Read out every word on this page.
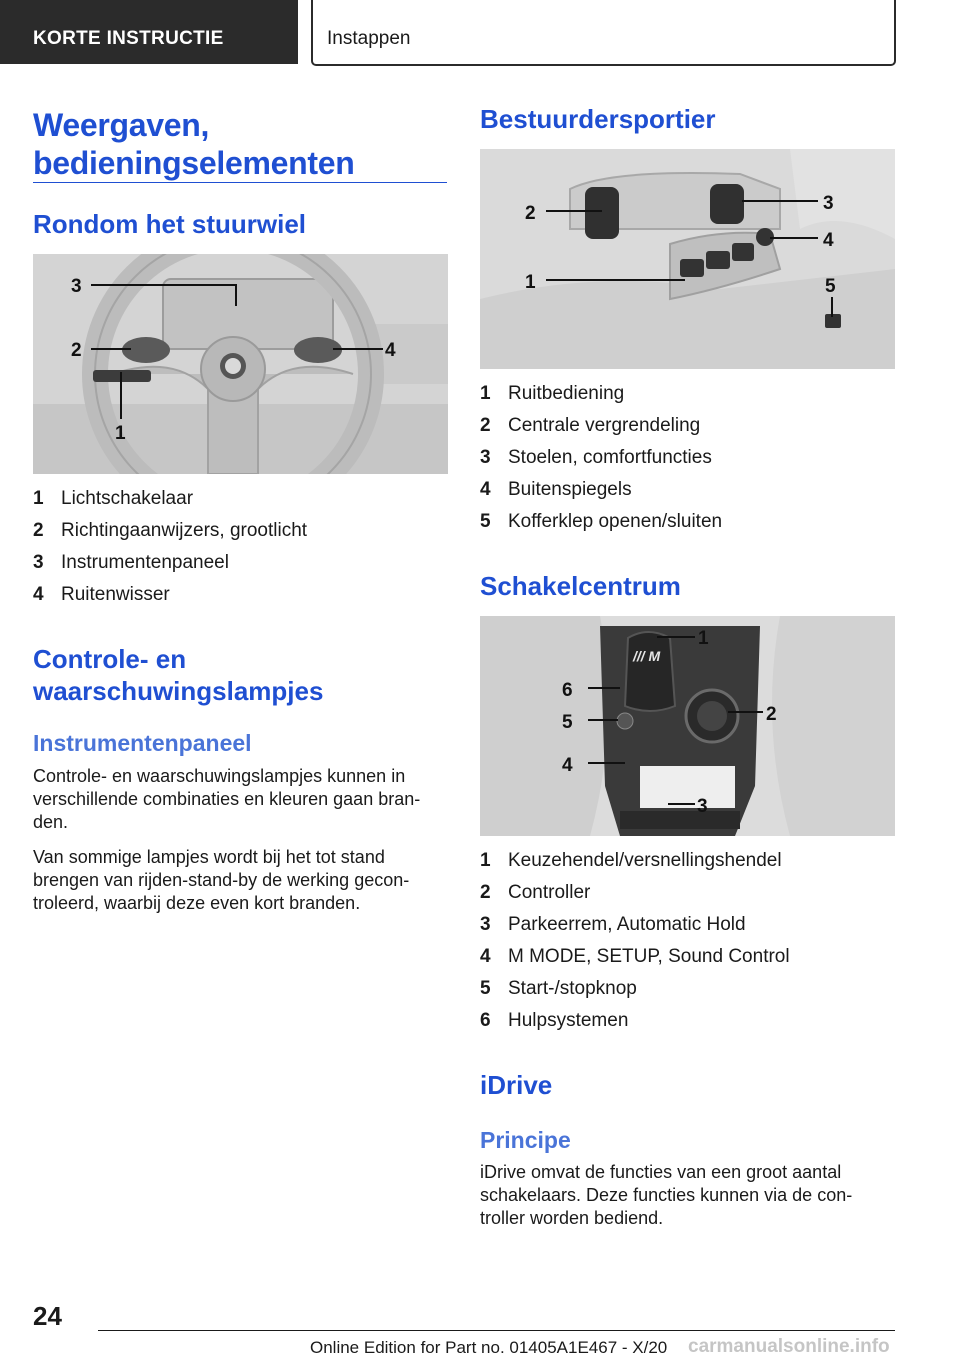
KORTE INSTRUCTIE	Instappen
Weergaven,
bedieningselementen
Rondom het stuurwiel
3
2	4
1
1 Lichtschakelaar
2 Richtingaanwijzers, grootlicht
3 Instrumentenpaneel
4 Ruitenwisser
Controle- en
waarschuwingslampjes
Instrumentenpaneel
Controle- en waarschuwingslampjes kunnen in
verschillende combinaties en kleuren gaan bran-
den.
Van sommige lampjes wordt bij het tot stand
brengen van rijden-stand-by de werking gecon-
troleerd, waarbij deze even kort branden.
Bestuurdersportier
2	3
4
1	5
1 Ruitbediening
2 Centrale vergrendeling
3 Stoelen, comfortfuncties
4 Buitenspiegels
5 Kofferklep openen/sluiten
Schakelcentrum
/// M
1
2
3
4
5
6
1 Keuzehendel/versnellingshendel
2 Controller
3 Parkeerrem, Automatic Hold
4 M MODE, SETUP, Sound Control
5 Start-/stopknop
6 Hulpsystemen
iDrive
Principe
iDrive omvat de functies van een groot aantal
schakelaars. Deze functies kunnen via de con-
troller worden bediend.
24
Online Edition for Part no. 01405A1E467 - X/20 carmanualsonline.info
